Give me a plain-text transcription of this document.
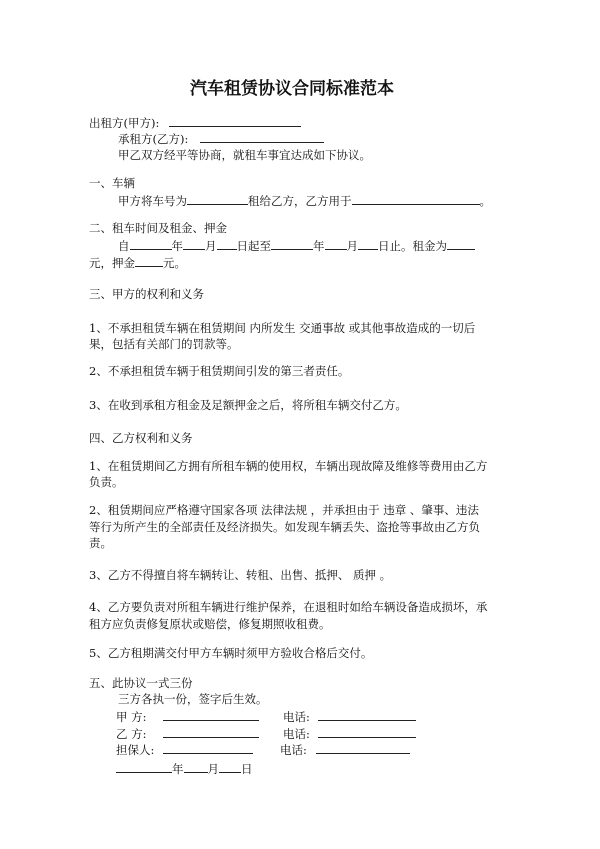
汽车租赁协议合同标准范本
出租方(甲方):
承租方(乙方):
甲乙双方经平等协商，就租车事宜达成如下协议。
一、车辆
甲方将车号为	租给乙方，乙方用于	。
二、租车时间及租金、押金
自	年 月 日起至	年 月 日止。租金为
元，押金 元。
三、甲方的权利和义务
1、不承担租赁车辆在租赁期间 内所发生 交通事故 或其他事故造成的一切后
果，包括有关部门的罚款等。
2、不承担租赁车辆于租赁期间引发的第三者责任。
3、在收到承租方租金及足额押金之后，将所租车辆交付乙方。
四、乙方权利和义务
1、在租赁期间乙方拥有所租车辆的使用权，车辆出现故障及维修等费用由乙方
负责。
2、租赁期间应严格遵守国家各项 法律法规 ，并承担由于 违章 、肇事、违法
等行为所产生的全部责任及经济损失。如发现车辆丢失、盗抢等事故由乙方负
责。
3、乙方不得擅自将车辆转让、转租、出售、抵押、 质押 。
4、乙方要负责对所租车辆进行维护保养，在退租时如给车辆设备造成损坏，承
租方应负责修复原状或赔偿，修复期照收租费。
5、乙方租期满交付甲方车辆时须甲方验收合格后交付。
五、此协议一式三份
三方各执一份，签字后生效。
甲 方:	电话:
乙 方:	电话:
担保人:	电话:
年 月 日
